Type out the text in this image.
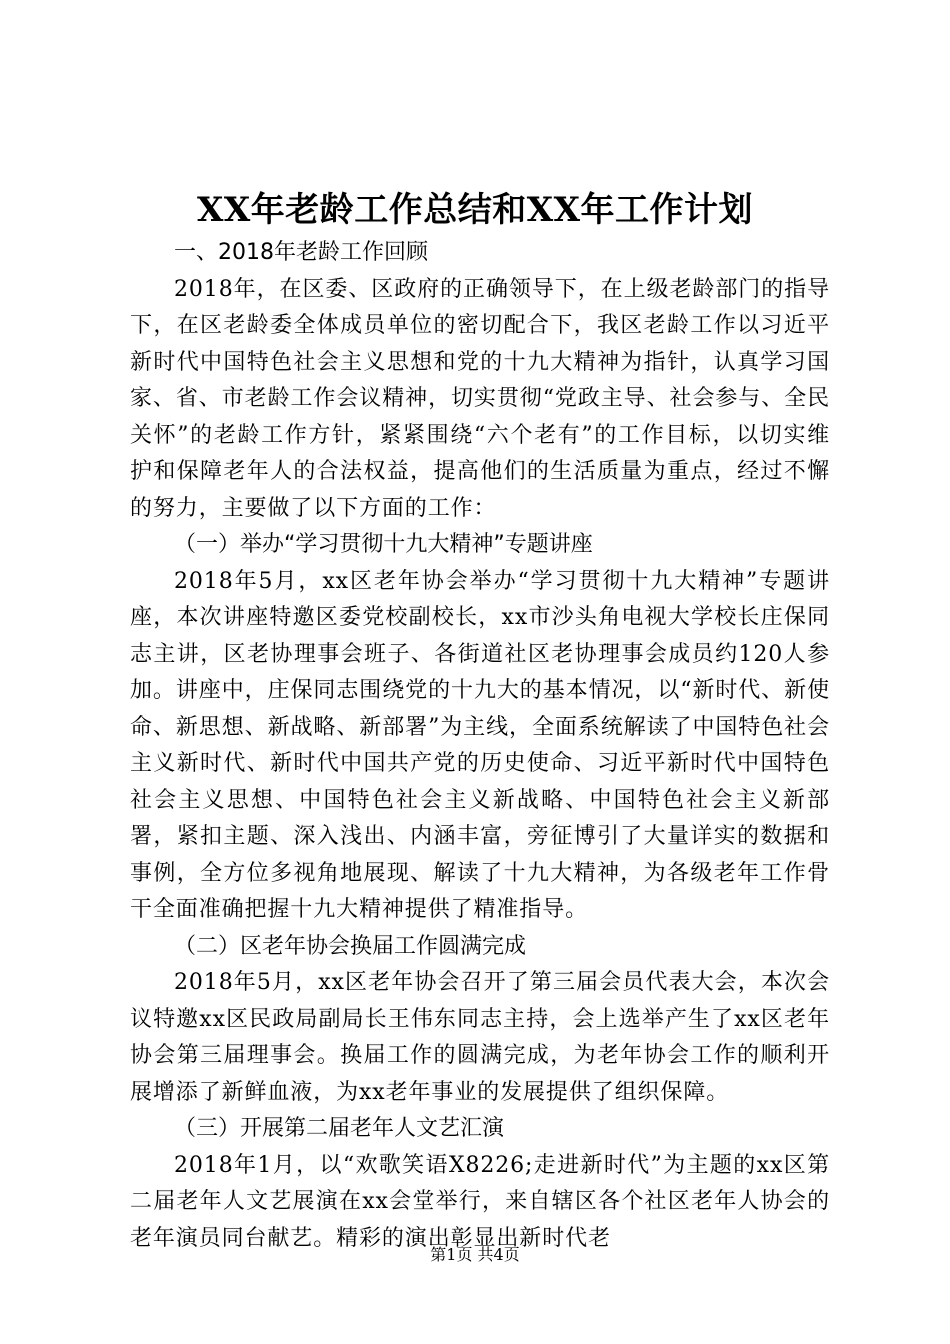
XX年老龄工作总结和XX年工作计划

一、2018年老龄工作回顾

2018年，在区委、区政府的正确领导下，在上级老龄部门的指导下，在区老龄委全体成员单位的密切配合下，我区老龄工作以习近平新时代中国特色社会主义思想和党的十九大精神为指针，认真学习国家、省、市老龄工作会议精神，切实贯彻“党政主导、社会参与、全民关怀”的老龄工作方针，紧紧围绕“六个老有”的工作目标，以切实维护和保障老年人的合法权益，提高他们的生活质量为重点，经过不懈的努力，主要做了以下方面的工作：

（一）举办“学习贯彻十九大精神”专题讲座

2018年5月，xx区老年协会举办“学习贯彻十九大精神”专题讲座，本次讲座特邀区委党校副校长，xx市沙头角电视大学校长庄保同志主讲，区老协理事会班子、各街道社区老协理事会成员约120人参加。讲座中，庄保同志围绕党的十九大的基本情况，以“新时代、新使命、新思想、新战略、新部署”为主线，全面系统解读了中国特色社会主义新时代、新时代中国共产党的历史使命、习近平新时代中国特色社会主义思想、中国特色社会主义新战略、中国特色社会主义新部署，紧扣主题、深入浅出、内涵丰富，旁征博引了大量详实的数据和事例，全方位多视角地展现、解读了十九大精神，为各级老年工作骨干全面准确把握十九大精神提供了精准指导。

（二）区老年协会换届工作圆满完成

2018年5月，xx区老年协会召开了第三届会员代表大会，本次会议特邀xx区民政局副局长王伟东同志主持，会上选举产生了xx区老年协会第三届理事会。换届工作的圆满完成，为老年协会工作的顺利开展增添了新鲜血液，为xx老年事业的发展提供了组织保障。

（三）开展第二届老年人文艺汇演

2018年1月，以“欢歌笑语X8226;走进新时代”为主题的xx区第二届老年人文艺展演在xx会堂举行，来自辖区各个社区老年人协会的老年演员同台献艺。精彩的演出彰显出新时代老

第1页 共4页
